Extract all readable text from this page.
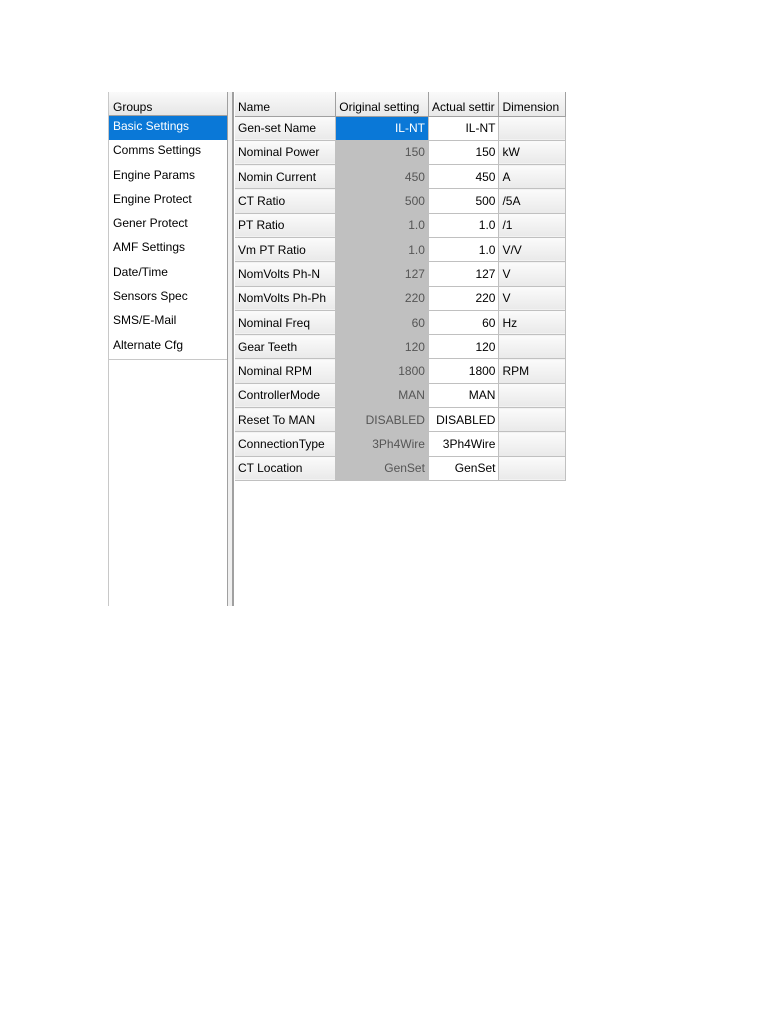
Groups
Basic Settings
Comms Settings
Engine Params
Engine Protect
Gener Protect
AMF Settings
Date/Time
Sensors Spec
SMS/E-Mail
Alternate Cfg
Name	Original setting	Actual settir	Dimension
Gen-set Name	IL-NT	IL-NT	
Nominal Power	150	150	kW
Nomin Current	450	450	A
CT Ratio	500	500	/5A
PT Ratio	1.0	1.0	/1
Vm PT Ratio	1.0	1.0	V/V
NomVolts Ph-N	127	127	V
NomVolts Ph-Ph	220	220	V
Nominal Freq	60	60	Hz
Gear Teeth	120	120	
Nominal RPM	1800	1800	RPM
ControllerMode	MAN	MAN	
Reset To MAN	DISABLED	DISABLED	
ConnectionType	3Ph4Wire	3Ph4Wire	
CT Location	GenSet	GenSet	
